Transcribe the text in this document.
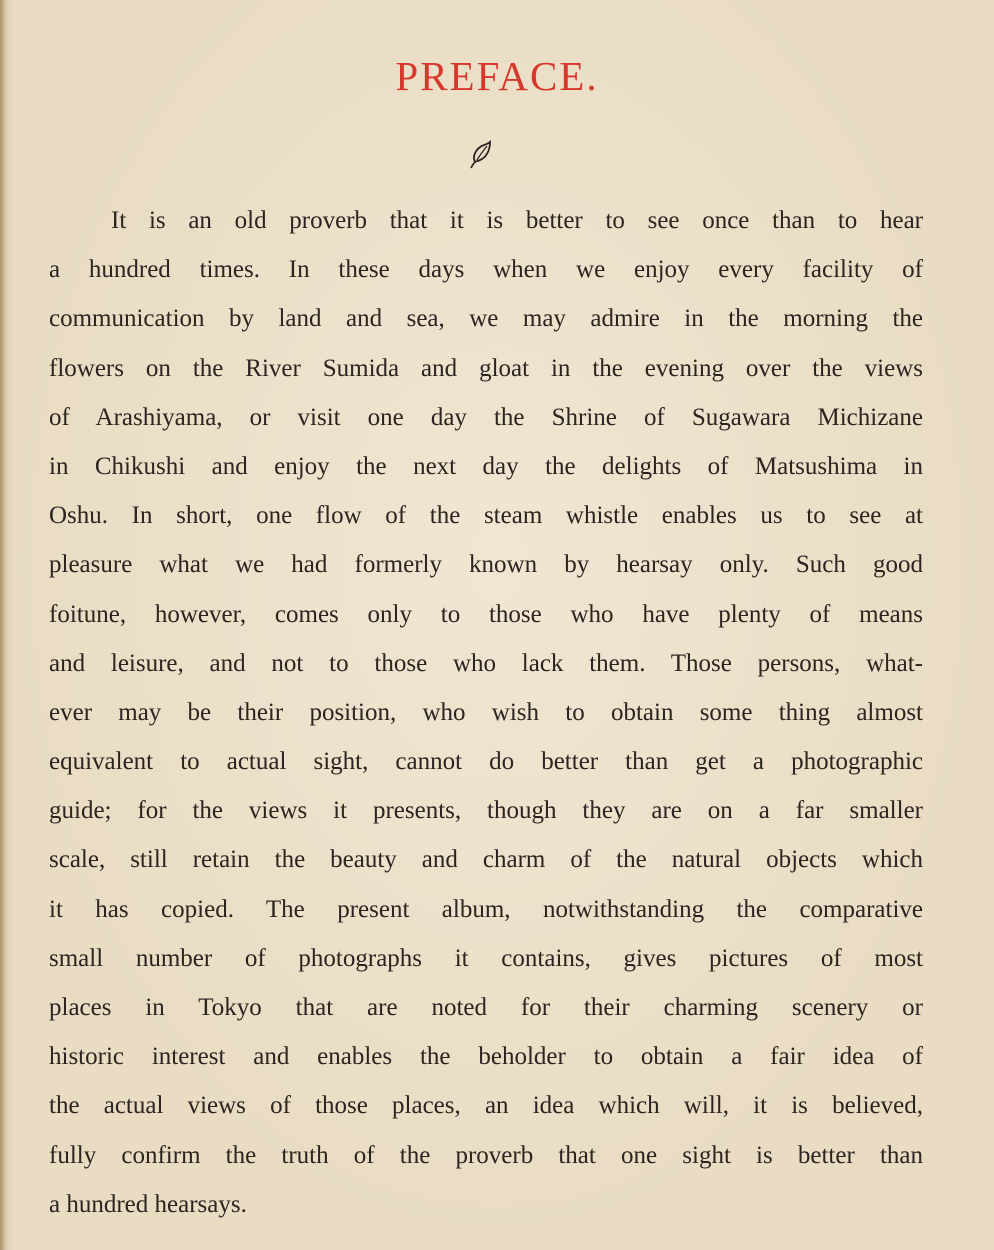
PREFACE.
It is an old proverb that it is better to see once than to hear
a hundred times. In these days when we enjoy every facility of
communication by land and sea, we may admire in the morning the
flowers on the River Sumida and gloat in the evening over the views
of Arashiyama, or visit one day the Shrine of Sugawara Michizane
in Chikushi and enjoy the next day the delights of Matsushima in
Oshu. In short, one flow of the steam whistle enables us to see at
pleasure what we had formerly known by hearsay only. Such good
foitune, however, comes only to those who have plenty of means
and leisure, and not to those who lack them. Those persons, what-
ever may be their position, who wish to obtain some thing almost
equivalent to actual sight, cannot do better than get a photographic
guide; for the views it presents, though they are on a far smaller
scale, still retain the beauty and charm of the natural objects which
it has copied. The present album, notwithstanding the comparative
small number of photographs it contains, gives pictures of most
places in Tokyo that are noted for their charming scenery or
historic interest and enables the beholder to obtain a fair idea of
the actual views of those places, an idea which will, it is believed,
fully confirm the truth of the proverb that one sight is better than
a hundred hearsays.
